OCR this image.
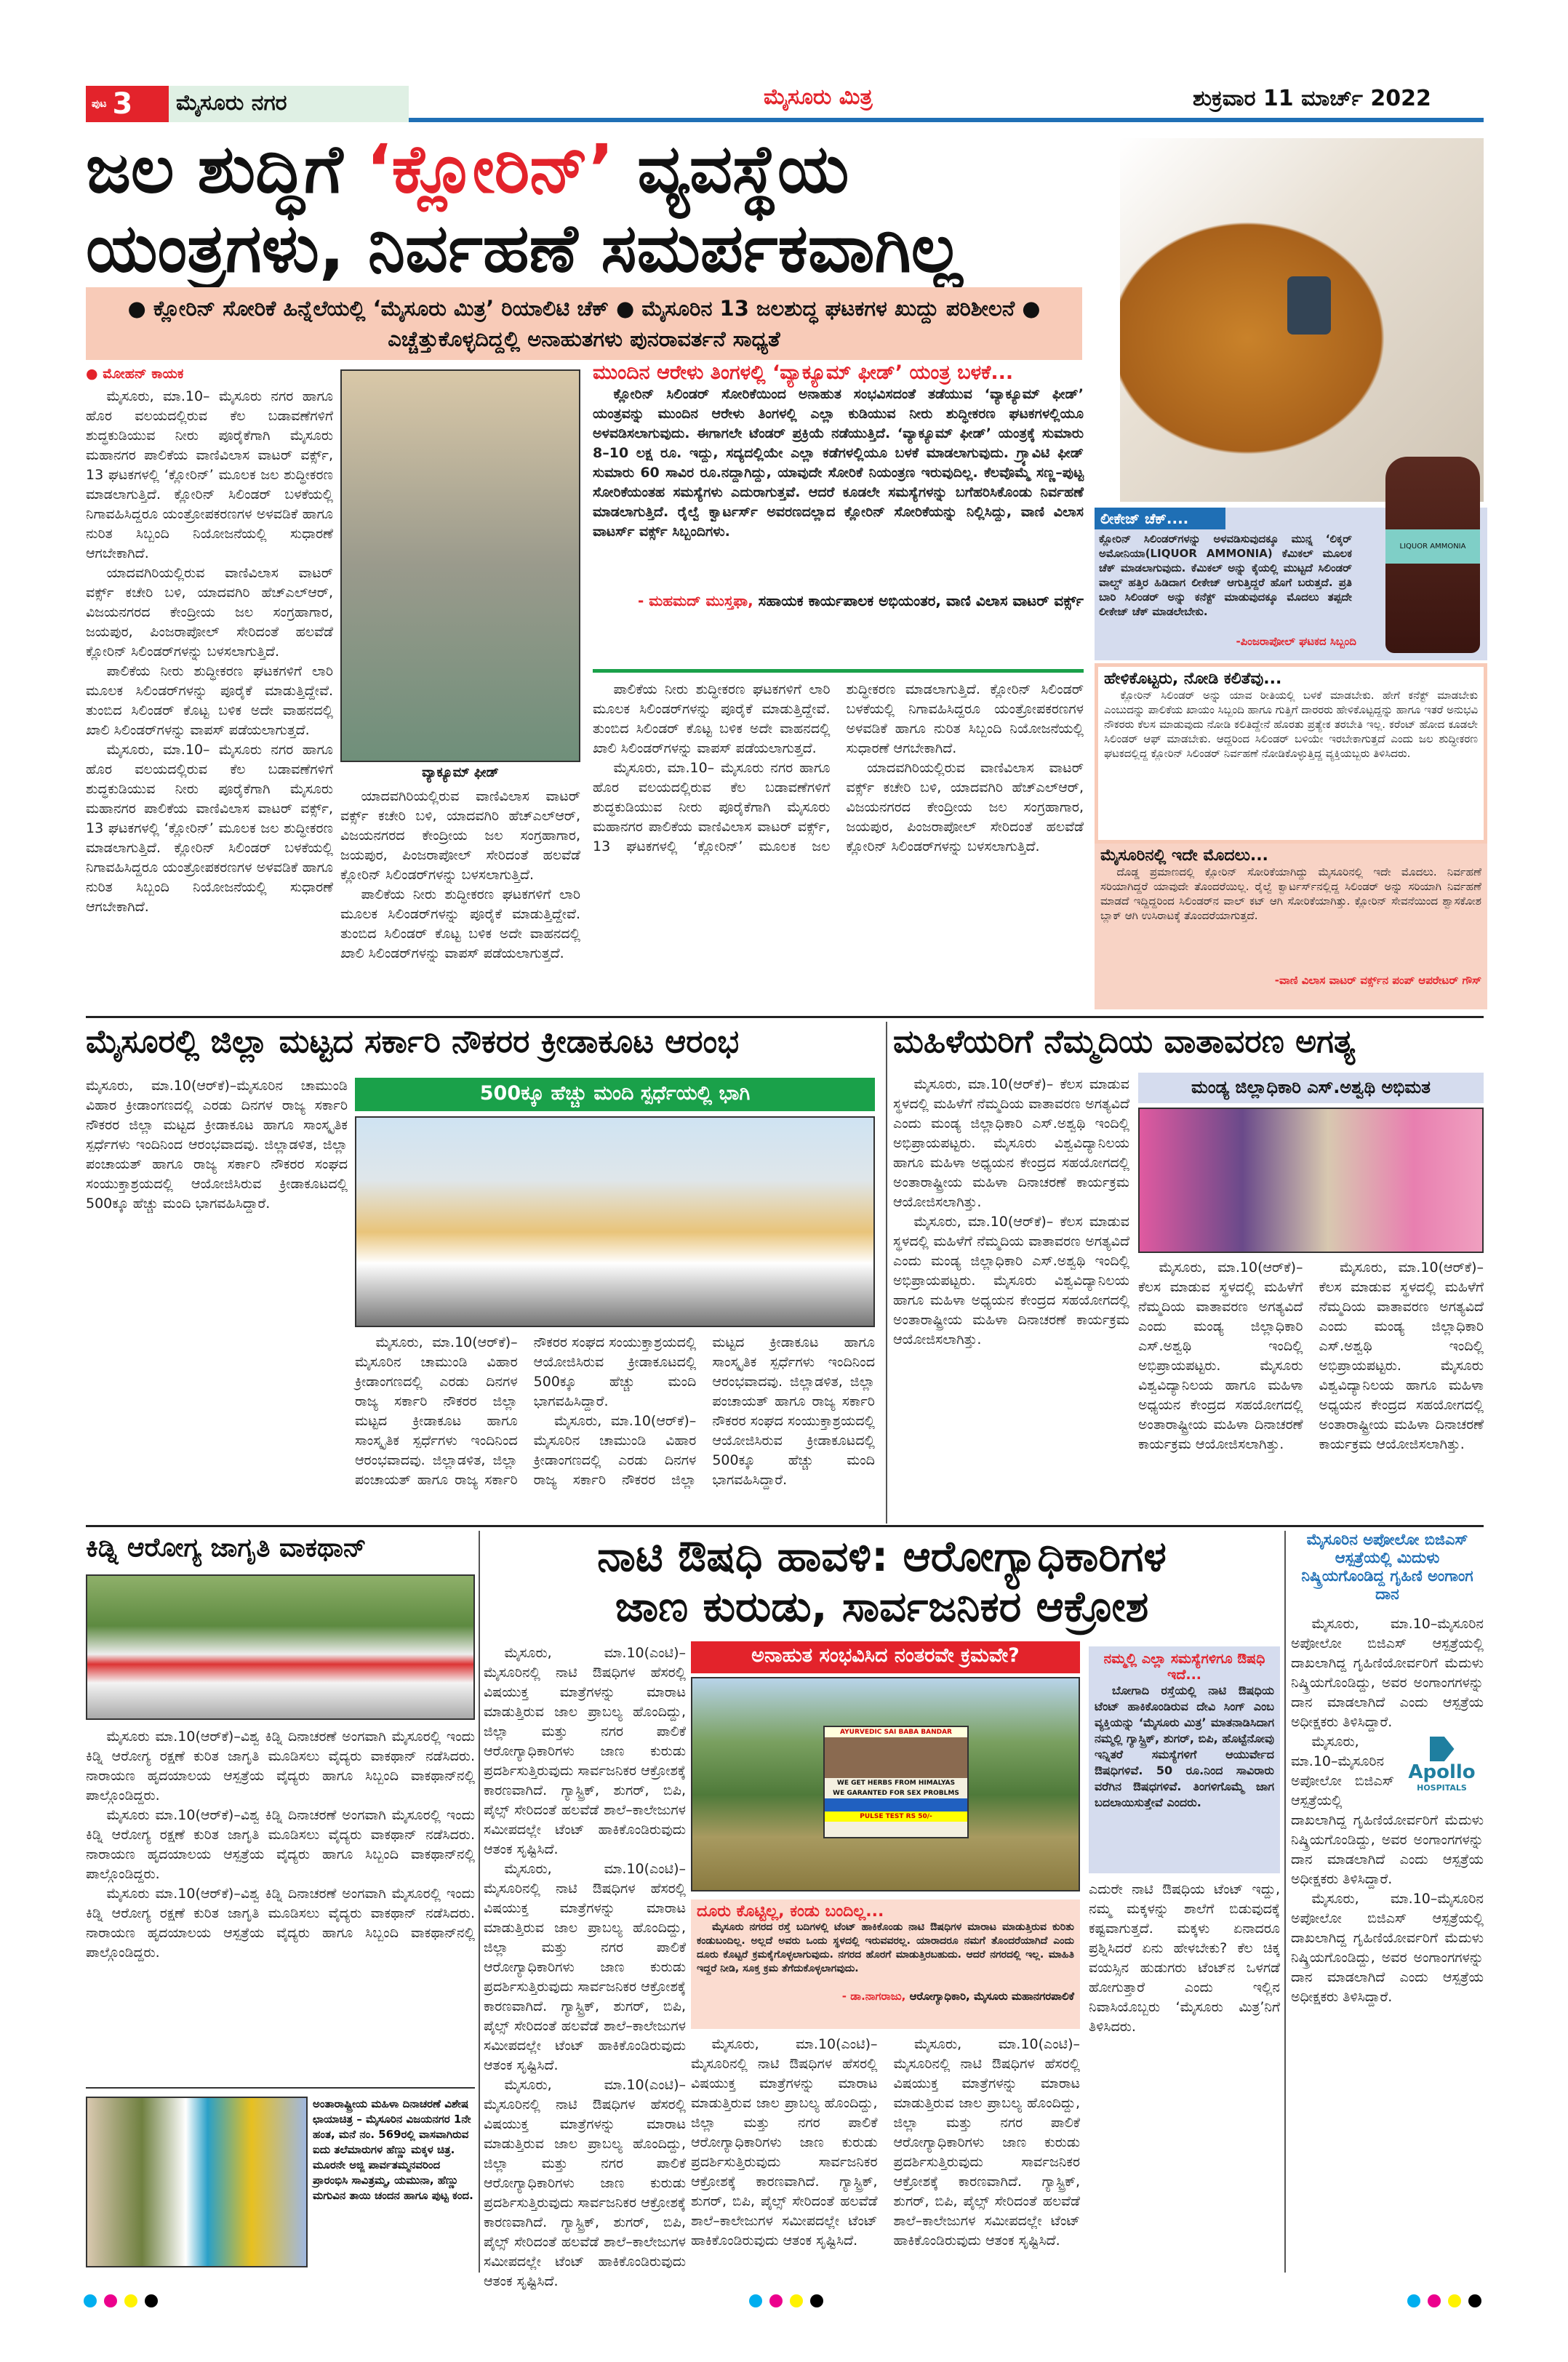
ಪುಟ 3	ಮೈಸೂರು ನಗರ	ಮೈಸೂರು ಮಿತ್ರ	ಶುಕ್ರವಾರ 11 ಮಾರ್ಚ್ 2022
ಜಲ ಶುದ್ಧಿಗೆ ‘ಕ್ಲೋರಿನ್’ ವ್ಯವಸ್ಥೆಯ
ಯಂತ್ರಗಳು, ನಿರ್ವಹಣೆ ಸಮರ್ಪಕವಾಗಿಲ್ಲ
● ಕ್ಲೋರಿನ್ ಸೋರಿಕೆ ಹಿನ್ನೆಲೆಯಲ್ಲಿ ‘ಮೈಸೂರು ಮಿತ್ರ’ ರಿಯಾಲಿಟಿ ಚೆಕ್ ● ಮೈಸೂರಿನ 13 ಜಲಶುದ್ಧ ಘಟಕಗಳ ಖುದ್ದು ಪರಿಶೀಲನೆ ● ಎಚ್ಚೆತ್ತುಕೊಳ್ಳದಿದ್ದಲ್ಲಿ ಅನಾಹುತಗಳು ಪುನರಾವರ್ತನೆ ಸಾಧ್ಯತೆ
● ಮೋಹನ್ ಕಾಯಕ

ಮೈಸೂರು, ಮಾ.10– ಮೈಸೂರು ನಗರ ಹಾಗೂ ಹೊರ ವಲಯದಲ್ಲಿರುವ ಕೆಲ ಬಡಾವಣೆಗಳಿಗೆ ಶುದ್ಧಕುಡಿಯುವ ನೀರು ಪೂರೈಕೆಗಾಗಿ ಮೈಸೂರು ಮಹಾನಗರ ಪಾಲಿಕೆಯ ವಾಣಿವಿಲಾಸ ವಾಟರ್ ವರ್ಕ್ಸ್, 13 ಘಟಕಗಳಲ್ಲಿ ‘ಕ್ಲೋರಿನ್’ ಮೂಲಕ ಜಲ ಶುದ್ಧೀಕರಣ ಮಾಡಲಾಗುತ್ತಿದೆ. ಕ್ಲೋರಿನ್ ಸಿಲಿಂಡರ್ ಬಳಕೆಯಲ್ಲಿ ನಿಗಾವಹಿಸಿದ್ದರೂ ಯಂತ್ರೋಪಕರಣಗಳ ಅಳವಡಿಕೆ ಹಾಗೂ ನುರಿತ ಸಿಬ್ಬಂದಿ ನಿಯೋಜನೆಯಲ್ಲಿ ಸುಧಾರಣೆ ಆಗಬೇಕಾಗಿದೆ.

ಯಾದವಗಿರಿಯಲ್ಲಿರುವ ವಾಣಿವಿಲಾಸ ವಾಟರ್ ವರ್ಕ್ಸ್ ಕಚೇರಿ ಬಳಿ, ಯಾದವಗಿರಿ ಹೆಚ್‌ಎಲ್‌ಆರ್, ವಿಜಯನಗರದ ಕೇಂದ್ರೀಯ ಜಲ ಸಂಗ್ರಹಾಗಾರ, ಜಯಪುರ, ಪಿಂಜರಾಪೋಲ್ ಸೇರಿದಂತೆ ಹಲವೆಡೆ ಕ್ಲೋರಿನ್ ಸಿಲಿಂಡರ್‌ಗಳನ್ನು ಬಳಸಲಾಗುತ್ತಿದೆ.

ಪಾಲಿಕೆಯ ನೀರು ಶುದ್ಧೀಕರಣ ಘಟಕಗಳಿಗೆ ಲಾರಿ ಮೂಲಕ ಸಿಲಿಂಡರ್‌ಗಳನ್ನು ಪೂರೈಕೆ ಮಾಡುತ್ತಿದ್ದೇವೆ. ತುಂಬಿದ ಸಿಲಿಂಡರ್ ಕೊಟ್ಟ ಬಳಿಕ ಅದೇ ವಾಹನದಲ್ಲಿ ಖಾಲಿ ಸಿಲಿಂಡರ್‌ಗಳನ್ನು ವಾಪಸ್ ಪಡೆಯಲಾಗುತ್ತದೆ.

ಮೈಸೂರು, ಮಾ.10– ಮೈಸೂರು ನಗರ ಹಾಗೂ ಹೊರ ವಲಯದಲ್ಲಿರುವ ಕೆಲ ಬಡಾವಣೆಗಳಿಗೆ ಶುದ್ಧಕುಡಿಯುವ ನೀರು ಪೂರೈಕೆಗಾಗಿ ಮೈಸೂರು ಮಹಾನಗರ ಪಾಲಿಕೆಯ ವಾಣಿವಿಲಾಸ ವಾಟರ್ ವರ್ಕ್ಸ್, 13 ಘಟಕಗಳಲ್ಲಿ ‘ಕ್ಲೋರಿನ್’ ಮೂಲಕ ಜಲ ಶುದ್ಧೀಕರಣ ಮಾಡಲಾಗುತ್ತಿದೆ. ಕ್ಲೋರಿನ್ ಸಿಲಿಂಡರ್ ಬಳಕೆಯಲ್ಲಿ ನಿಗಾವಹಿಸಿದ್ದರೂ ಯಂತ್ರೋಪಕರಣಗಳ ಅಳವಡಿಕೆ ಹಾಗೂ ನುರಿತ ಸಿಬ್ಬಂದಿ ನಿಯೋಜನೆಯಲ್ಲಿ ಸುಧಾರಣೆ ಆಗಬೇಕಾಗಿದೆ.

ವ್ಯಾಕ್ಯೂಮ್ ಫೀಡ್

ಯಾದವಗಿರಿಯಲ್ಲಿರುವ ವಾಣಿವಿಲಾಸ ವಾಟರ್ ವರ್ಕ್ಸ್ ಕಚೇರಿ ಬಳಿ, ಯಾದವಗಿರಿ ಹೆಚ್‌ಎಲ್‌ಆರ್, ವಿಜಯನಗರದ ಕೇಂದ್ರೀಯ ಜಲ ಸಂಗ್ರಹಾಗಾರ, ಜಯಪುರ, ಪಿಂಜರಾಪೋಲ್ ಸೇರಿದಂತೆ ಹಲವೆಡೆ ಕ್ಲೋರಿನ್ ಸಿಲಿಂಡರ್‌ಗಳನ್ನು ಬಳಸಲಾಗುತ್ತಿದೆ.

ಪಾಲಿಕೆಯ ನೀರು ಶುದ್ಧೀಕರಣ ಘಟಕಗಳಿಗೆ ಲಾರಿ ಮೂಲಕ ಸಿಲಿಂಡರ್‌ಗಳನ್ನು ಪೂರೈಕೆ ಮಾಡುತ್ತಿದ್ದೇವೆ. ತುಂಬಿದ ಸಿಲಿಂಡರ್ ಕೊಟ್ಟ ಬಳಿಕ ಅದೇ ವಾಹನದಲ್ಲಿ ಖಾಲಿ ಸಿಲಿಂಡರ್‌ಗಳನ್ನು ವಾಪಸ್ ಪಡೆಯಲಾಗುತ್ತದೆ.

ಮುಂದಿನ ಆರೇಳು ತಿಂಗಳಲ್ಲಿ ‘ವ್ಯಾಕ್ಯೂಮ್ ಫೀಡ್’ ಯಂತ್ರ ಬಳಕೆ...
ಕ್ಲೋರಿನ್ ಸಿಲಿಂಡರ್ ಸೋರಿಕೆಯಿಂದ ಅನಾಹುತ ಸಂಭವಿಸದಂತೆ ತಡೆಯುವ ‘ವ್ಯಾಕ್ಯೂಮ್ ಫೀಡ್’ ಯಂತ್ರವನ್ನು ಮುಂದಿನ ಆರೇಳು ತಿಂಗಳಲ್ಲಿ ಎಲ್ಲಾ ಕುಡಿಯುವ ನೀರು ಶುದ್ಧೀಕರಣ ಘಟಕಗಳಲ್ಲಿಯೂ ಅಳವಡಿಸಲಾಗುವುದು. ಈಗಾಗಲೇ ಟೆಂಡರ್ ಪ್ರಕ್ರಿಯೆ ನಡೆಯುತ್ತಿದೆ. ‘ವ್ಯಾಕ್ಯೂಮ್ ಫೀಡ್’ ಯಂತ್ರಕ್ಕೆ ಸುಮಾರು 8–10 ಲಕ್ಷ ರೂ. ಇದ್ದು, ಸದ್ಯದಲ್ಲಿಯೇ ಎಲ್ಲಾ ಕಡೆಗಳಲ್ಲಿಯೂ ಬಳಕೆ ಮಾಡಲಾಗುವುದು. ಗ್ರ್ಯಾವಿಟಿ ಫೀಡ್ ಸುಮಾರು 60 ಸಾವಿರ ರೂ.ನದ್ದಾಗಿದ್ದು, ಯಾವುದೇ ಸೋರಿಕೆ ನಿಯಂತ್ರಣ ಇರುವುದಿಲ್ಲ. ಕೆಲವೊಮ್ಮೆ ಸಣ್ಣ–ಪುಟ್ಟ ಸೋರಿಕೆಯಂತಹ ಸಮಸ್ಯೆಗಳು ಎದುರಾಗುತ್ತವೆ. ಆದರೆ ಕೂಡಲೇ ಸಮಸ್ಯೆಗಳನ್ನು ಬಗೆಹರಿಸಿಕೊಂಡು ನಿರ್ವಹಣೆ ಮಾಡಲಾಗುತ್ತಿದೆ. ರೈಲ್ವೆ ಕ್ವಾರ್ಟರ್ಸ್ ಅವರಣದಲ್ಲಾದ ಕ್ಲೋರಿನ್ ಸೋರಿಕೆಯನ್ನು ನಿಲ್ಲಿಸಿದ್ದು, ವಾಣಿ ವಿಲಾಸ ವಾಟರ್ಸ್ ವರ್ಕ್ಸ್ ಸಿಬ್ಬಂದಿಗಳು.
- ಮಹಮದ್ ಮುಸ್ತಫಾ, ಸಹಾಯಕ ಕಾರ್ಯಪಾಲಕ ಅಭಿಯಂತರ, ವಾಣಿ ವಿಲಾಸ ವಾಟರ್ ವರ್ಕ್ಸ್

ಪಾಲಿಕೆಯ ನೀರು ಶುದ್ಧೀಕರಣ ಘಟಕಗಳಿಗೆ ಲಾರಿ ಮೂಲಕ ಸಿಲಿಂಡರ್‌ಗಳನ್ನು ಪೂರೈಕೆ ಮಾಡುತ್ತಿದ್ದೇವೆ. ತುಂಬಿದ ಸಿಲಿಂಡರ್ ಕೊಟ್ಟ ಬಳಿಕ ಅದೇ ವಾಹನದಲ್ಲಿ ಖಾಲಿ ಸಿಲಿಂಡರ್‌ಗಳನ್ನು ವಾಪಸ್ ಪಡೆಯಲಾಗುತ್ತದೆ.

ಮೈಸೂರು, ಮಾ.10– ಮೈಸೂರು ನಗರ ಹಾಗೂ ಹೊರ ವಲಯದಲ್ಲಿರುವ ಕೆಲ ಬಡಾವಣೆಗಳಿಗೆ ಶುದ್ಧಕುಡಿಯುವ ನೀರು ಪೂರೈಕೆಗಾಗಿ ಮೈಸೂರು ಮಹಾನಗರ ಪಾಲಿಕೆಯ ವಾಣಿವಿಲಾಸ ವಾಟರ್ ವರ್ಕ್ಸ್, 13 ಘಟಕಗಳಲ್ಲಿ ‘ಕ್ಲೋರಿನ್’ ಮೂಲಕ ಜಲ ಶುದ್ಧೀಕರಣ ಮಾಡಲಾಗುತ್ತಿದೆ. ಕ್ಲೋರಿನ್ ಸಿಲಿಂಡರ್ ಬಳಕೆಯಲ್ಲಿ ನಿಗಾವಹಿಸಿದ್ದರೂ ಯಂತ್ರೋಪಕರಣಗಳ ಅಳವಡಿಕೆ ಹಾಗೂ ನುರಿತ ಸಿಬ್ಬಂದಿ ನಿಯೋಜನೆಯಲ್ಲಿ ಸುಧಾರಣೆ ಆಗಬೇಕಾಗಿದೆ.

ಯಾದವಗಿರಿಯಲ್ಲಿರುವ ವಾಣಿವಿಲಾಸ ವಾಟರ್ ವರ್ಕ್ಸ್ ಕಚೇರಿ ಬಳಿ, ಯಾದವಗಿರಿ ಹೆಚ್‌ಎಲ್‌ಆರ್, ವಿಜಯನಗರದ ಕೇಂದ್ರೀಯ ಜಲ ಸಂಗ್ರಹಾಗಾರ, ಜಯಪುರ, ಪಿಂಜರಾಪೋಲ್ ಸೇರಿದಂತೆ ಹಲವೆಡೆ ಕ್ಲೋರಿನ್ ಸಿಲಿಂಡರ್‌ಗಳನ್ನು ಬಳಸಲಾಗುತ್ತಿದೆ.

ಲೀಕೇಜ್ ಚೆಕ್....
ಕ್ಲೋರಿನ್ ಸಿಲಿಂಡರ್‌ಗಳನ್ನು ಅಳವಡಿಸುವುದಕ್ಕೂ ಮುನ್ನ ‘ಲಿಕ್ಕರ್ ಅಮೋನಿಯಾ(LIQUOR AMMONIA) ಕೆಮಿಕಲ್ ಮೂಲಕ ಚೆಕ್ ಮಾಡಲಾಗುವುದು. ಕೆಮಿಕಲ್ ಅನ್ನು ಕೈಯಲ್ಲಿ ಮುಟ್ಟದೆ ಸಿಲಿಂಡರ್ ವಾಲ್ವ್ ಹತ್ತಿರ ಹಿಡಿದಾಗ ಲೀಕೇಜ್ ಆಗುತ್ತಿದ್ದರೆ ಹೊಗೆ ಬರುತ್ತದೆ. ಪ್ರತಿ ಬಾರಿ ಸಿಲಿಂಡರ್ ಅನ್ನು ಕನೆಕ್ಟ್ ಮಾಡುವುದಕ್ಕೂ ಮೊದಲು ತಪ್ಪದೇ ಲೀಕೇಜ್ ಚೆಕ್ ಮಾಡಲೇಬೇಕು.
-ಪಿಂಜರಾಪೋಲ್ ಘಟಕದ ಸಿಬ್ಬಂದಿ
LIQUOR AMMONIA
ಹೇಳಿಕೊಟ್ಟರು, ನೋಡಿ ಕಲಿತೆವು...
ಕ್ಲೋರಿನ್ ಸಿಲಿಂಡರ್ ಅನ್ನು ಯಾವ ರೀತಿಯಲ್ಲಿ ಬಳಕೆ ಮಾಡಬೇಕು. ಹೇಗೆ ಕನೆಕ್ಟ್ ಮಾಡಬೇಕು ಎಂಬುದನ್ನು ಪಾಲಿಕೆಯ ಖಾಯಂ ಸಿಬ್ಬಂದಿ ಹಾಗೂ ಗುತ್ತಿಗೆ ದಾರರರು ಹೇಳಿಕೊಟ್ಟದ್ದನ್ನು ಹಾಗೂ ಇತರೆ ಅನುಭವಿ ನೌಕರರು ಕೆಲಸ ಮಾಡುವುದು ನೋಡಿ ಕಲಿತಿದ್ದೇನೆ ಹೊರತು ಪ್ರತ್ಯೇಕ ತರಬೇತಿ ಇಲ್ಲ. ಕರೆಂಟ್ ಹೋದ ಕೂಡಲೇ ಸಿಲಿಂಡರ್ ಆಫ್ ಮಾಡಬೇಕು. ಆದ್ದರಿಂದ ಸಿಲಿಂಡರ್ ಬಳಿಯೇ ಇರಬೇಕಾಗುತ್ತದೆ ಎಂದು ಜಲ ಶುದ್ಧೀಕರಣ ಘಟಕದಲ್ಲಿದ್ದ ಕ್ಲೋರಿನ್ ಸಿಲಿಂಡರ್ ನಿರ್ವಹಣೆ ನೋಡಿಕೊಳ್ಳುತ್ತಿದ್ದ ವ್ಯಕ್ತಿಯಬ್ಬರು ತಿಳಿಸಿದರು.
ಮೈಸೂರಿನಲ್ಲಿ ಇದೇ ಮೊದಲು...
ದೊಡ್ಡ ಪ್ರಮಾಣದಲ್ಲಿ ಕ್ಲೋರಿನ್ ಸೋರಿಕೆಯಾಗಿದ್ದು ಮೈಸೂರಿನಲ್ಲಿ ಇದೇ ಮೊದಲು. ನಿರ್ವಹಣೆ ಸರಿಯಾಗಿದ್ದರೆ ಯಾವುದೇ ತೊಂದರೆಯಿಲ್ಲ. ರೈಲ್ವೆ ಕ್ವಾರ್ಟರ್ಸ್‌ನಲ್ಲಿದ್ದ ಸಿಲಿಂಡರ್ ಅನ್ನು ಸರಿಯಾಗಿ ನಿರ್ವಹಣೆ ಮಾಡದೆ ಇದ್ದಿದ್ದರಿಂದ ಸಿಲಿಂಡರ್‌ನ ವಾಲ್ ಕಟ್ ಆಗಿ ಸೋರಿಕೆಯಾಗಿತ್ತು. ಕ್ಲೋರಿನ್ ಸೇವನೆಯಿಂದ ಶ್ವಾಸಕೋಶ ಬ್ಲಾಕ್ ಆಗಿ ಉಸಿರಾಟಕ್ಕೆ ತೊಂದರೆಯಾಗುತ್ತದೆ.
-ವಾಣಿ ವಿಲಾಸ ವಾಟರ್ ವರ್ಕ್ಸ್‌ನ ಪಂಪ್ ಆಪರೇಟರ್ ಗೌಸ್
ಮೈಸೂರಲ್ಲಿ ಜಿಲ್ಲಾ ಮಟ್ಟದ ಸರ್ಕಾರಿ ನೌಕರರ ಕ್ರೀಡಾಕೂಟ ಆರಂಭ
ಮೈಸೂರು, ಮಾ.10(ಆರ್‌ಕೆ)–ಮೈಸೂರಿನ ಚಾಮುಂಡಿ ವಿಹಾರ ಕ್ರೀಡಾಂಗಣದಲ್ಲಿ ಎರಡು ದಿನಗಳ ರಾಜ್ಯ ಸರ್ಕಾರಿ ನೌಕರರ ಜಿಲ್ಲಾ ಮಟ್ಟದ ಕ್ರೀಡಾಕೂಟ ಹಾಗೂ ಸಾಂಸ್ಕೃತಿಕ ಸ್ಪರ್ಧೆಗಳು ಇಂದಿನಿಂದ ಆರಂಭವಾದವು. ಜಿಲ್ಲಾಡಳಿತ, ಜಿಲ್ಲಾ ಪಂಚಾಯತ್ ಹಾಗೂ ರಾಜ್ಯ ಸರ್ಕಾರಿ ನೌಕರರ ಸಂಘದ ಸಂಯುಕ್ತಾಶ್ರಯದಲ್ಲಿ ಆಯೋಜಿಸಿರುವ ಕ್ರೀಡಾಕೂಟದಲ್ಲಿ 500ಕ್ಕೂ ಹೆಚ್ಚು ಮಂದಿ ಭಾಗವಹಿಸಿದ್ದಾರೆ.
500ಕ್ಕೂ ಹೆಚ್ಚು ಮಂದಿ ಸ್ಪರ್ಧೆಯಲ್ಲಿ ಭಾಗಿ

ಮೈಸೂರು, ಮಾ.10(ಆರ್‌ಕೆ)–ಮೈಸೂರಿನ ಚಾಮುಂಡಿ ವಿಹಾರ ಕ್ರೀಡಾಂಗಣದಲ್ಲಿ ಎರಡು ದಿನಗಳ ರಾಜ್ಯ ಸರ್ಕಾರಿ ನೌಕರರ ಜಿಲ್ಲಾ ಮಟ್ಟದ ಕ್ರೀಡಾಕೂಟ ಹಾಗೂ ಸಾಂಸ್ಕೃತಿಕ ಸ್ಪರ್ಧೆಗಳು ಇಂದಿನಿಂದ ಆರಂಭವಾದವು. ಜಿಲ್ಲಾಡಳಿತ, ಜಿಲ್ಲಾ ಪಂಚಾಯತ್ ಹಾಗೂ ರಾಜ್ಯ ಸರ್ಕಾರಿ ನೌಕರರ ಸಂಘದ ಸಂಯುಕ್ತಾಶ್ರಯದಲ್ಲಿ ಆಯೋಜಿಸಿರುವ ಕ್ರೀಡಾಕೂಟದಲ್ಲಿ 500ಕ್ಕೂ ಹೆಚ್ಚು ಮಂದಿ ಭಾಗವಹಿಸಿದ್ದಾರೆ.

ಮೈಸೂರು, ಮಾ.10(ಆರ್‌ಕೆ)–ಮೈಸೂರಿನ ಚಾಮುಂಡಿ ವಿಹಾರ ಕ್ರೀಡಾಂಗಣದಲ್ಲಿ ಎರಡು ದಿನಗಳ ರಾಜ್ಯ ಸರ್ಕಾರಿ ನೌಕರರ ಜಿಲ್ಲಾ ಮಟ್ಟದ ಕ್ರೀಡಾಕೂಟ ಹಾಗೂ ಸಾಂಸ್ಕೃತಿಕ ಸ್ಪರ್ಧೆಗಳು ಇಂದಿನಿಂದ ಆರಂಭವಾದವು. ಜಿಲ್ಲಾಡಳಿತ, ಜಿಲ್ಲಾ ಪಂಚಾಯತ್ ಹಾಗೂ ರಾಜ್ಯ ಸರ್ಕಾರಿ ನೌಕರರ ಸಂಘದ ಸಂಯುಕ್ತಾಶ್ರಯದಲ್ಲಿ ಆಯೋಜಿಸಿರುವ ಕ್ರೀಡಾಕೂಟದಲ್ಲಿ 500ಕ್ಕೂ ಹೆಚ್ಚು ಮಂದಿ ಭಾಗವಹಿಸಿದ್ದಾರೆ.

ಮಹಿಳೆಯರಿಗೆ ನೆಮ್ಮದಿಯ ವಾತಾವರಣ ಅಗತ್ಯ

ಮೈಸೂರು, ಮಾ.10(ಆರ್‌ಕೆ)– ಕೆಲಸ ಮಾಡುವ ಸ್ಥಳದಲ್ಲಿ ಮಹಿಳೆಗೆ ನೆಮ್ಮದಿಯ ವಾತಾವರಣ ಅಗತ್ಯವಿದೆ ಎಂದು ಮಂಡ್ಯ ಜಿಲ್ಲಾಧಿಕಾರಿ ಎಸ್.ಅಶ್ವಥಿ ಇಂದಿಲ್ಲಿ ಅಭಿಪ್ರಾಯಪಟ್ಟರು. ಮೈಸೂರು ವಿಶ್ವವಿದ್ಯಾನಿಲಯ ಹಾಗೂ ಮಹಿಳಾ ಅಧ್ಯಯನ ಕೇಂದ್ರದ ಸಹಯೋಗದಲ್ಲಿ ಅಂತಾರಾಷ್ಟ್ರೀಯ ಮಹಿಳಾ ದಿನಾಚರಣೆ ಕಾರ್ಯಕ್ರಮ ಆಯೋಜಿಸಲಾಗಿತ್ತು.

ಮೈಸೂರು, ಮಾ.10(ಆರ್‌ಕೆ)– ಕೆಲಸ ಮಾಡುವ ಸ್ಥಳದಲ್ಲಿ ಮಹಿಳೆಗೆ ನೆಮ್ಮದಿಯ ವಾತಾವರಣ ಅಗತ್ಯವಿದೆ ಎಂದು ಮಂಡ್ಯ ಜಿಲ್ಲಾಧಿಕಾರಿ ಎಸ್.ಅಶ್ವಥಿ ಇಂದಿಲ್ಲಿ ಅಭಿಪ್ರಾಯಪಟ್ಟರು. ಮೈಸೂರು ವಿಶ್ವವಿದ್ಯಾನಿಲಯ ಹಾಗೂ ಮಹಿಳಾ ಅಧ್ಯಯನ ಕೇಂದ್ರದ ಸಹಯೋಗದಲ್ಲಿ ಅಂತಾರಾಷ್ಟ್ರೀಯ ಮಹಿಳಾ ದಿನಾಚರಣೆ ಕಾರ್ಯಕ್ರಮ ಆಯೋಜಿಸಲಾಗಿತ್ತು.

ಮಂಡ್ಯ ಜಿಲ್ಲಾಧಿಕಾರಿ ಎಸ್.ಅಶ್ವಥಿ ಅಭಿಮತ

ಮೈಸೂರು, ಮಾ.10(ಆರ್‌ಕೆ)– ಕೆಲಸ ಮಾಡುವ ಸ್ಥಳದಲ್ಲಿ ಮಹಿಳೆಗೆ ನೆಮ್ಮದಿಯ ವಾತಾವರಣ ಅಗತ್ಯವಿದೆ ಎಂದು ಮಂಡ್ಯ ಜಿಲ್ಲಾಧಿಕಾರಿ ಎಸ್.ಅಶ್ವಥಿ ಇಂದಿಲ್ಲಿ ಅಭಿಪ್ರಾಯಪಟ್ಟರು. ಮೈಸೂರು ವಿಶ್ವವಿದ್ಯಾನಿಲಯ ಹಾಗೂ ಮಹಿಳಾ ಅಧ್ಯಯನ ಕೇಂದ್ರದ ಸಹಯೋಗದಲ್ಲಿ ಅಂತಾರಾಷ್ಟ್ರೀಯ ಮಹಿಳಾ ದಿನಾಚರಣೆ ಕಾರ್ಯಕ್ರಮ ಆಯೋಜಿಸಲಾಗಿತ್ತು.

ಮೈಸೂರು, ಮಾ.10(ಆರ್‌ಕೆ)– ಕೆಲಸ ಮಾಡುವ ಸ್ಥಳದಲ್ಲಿ ಮಹಿಳೆಗೆ ನೆಮ್ಮದಿಯ ವಾತಾವರಣ ಅಗತ್ಯವಿದೆ ಎಂದು ಮಂಡ್ಯ ಜಿಲ್ಲಾಧಿಕಾರಿ ಎಸ್.ಅಶ್ವಥಿ ಇಂದಿಲ್ಲಿ ಅಭಿಪ್ರಾಯಪಟ್ಟರು. ಮೈಸೂರು ವಿಶ್ವವಿದ್ಯಾನಿಲಯ ಹಾಗೂ ಮಹಿಳಾ ಅಧ್ಯಯನ ಕೇಂದ್ರದ ಸಹಯೋಗದಲ್ಲಿ ಅಂತಾರಾಷ್ಟ್ರೀಯ ಮಹಿಳಾ ದಿನಾಚರಣೆ ಕಾರ್ಯಕ್ರಮ ಆಯೋಜಿಸಲಾಗಿತ್ತು.

ಕಿಡ್ನಿ ಆರೋಗ್ಯ ಜಾಗೃತಿ ವಾಕಥಾನ್

ಮೈಸೂರು ಮಾ.10(ಆರ್‌ಕೆ)–ವಿಶ್ವ ಕಿಡ್ನಿ ದಿನಾಚರಣೆ ಅಂಗವಾಗಿ ಮೈಸೂರಲ್ಲಿ ಇಂದು ಕಿಡ್ನಿ ಆರೋಗ್ಯ ರಕ್ಷಣೆ ಕುರಿತ ಜಾಗೃತಿ ಮೂಡಿಸಲು ವೈದ್ಯರು ವಾಕಥಾನ್ ನಡೆಸಿದರು. ನಾರಾಯಣ ಹೃದಯಾಲಯ ಆಸ್ಪತ್ರೆಯ ವೈದ್ಯರು ಹಾಗೂ ಸಿಬ್ಬಂದಿ ವಾಕಥಾನ್‌ನಲ್ಲಿ ಪಾಲ್ಗೊಂಡಿದ್ದರು.

ಮೈಸೂರು ಮಾ.10(ಆರ್‌ಕೆ)–ವಿಶ್ವ ಕಿಡ್ನಿ ದಿನಾಚರಣೆ ಅಂಗವಾಗಿ ಮೈಸೂರಲ್ಲಿ ಇಂದು ಕಿಡ್ನಿ ಆರೋಗ್ಯ ರಕ್ಷಣೆ ಕುರಿತ ಜಾಗೃತಿ ಮೂಡಿಸಲು ವೈದ್ಯರು ವಾಕಥಾನ್ ನಡೆಸಿದರು. ನಾರಾಯಣ ಹೃದಯಾಲಯ ಆಸ್ಪತ್ರೆಯ ವೈದ್ಯರು ಹಾಗೂ ಸಿಬ್ಬಂದಿ ವಾಕಥಾನ್‌ನಲ್ಲಿ ಪಾಲ್ಗೊಂಡಿದ್ದರು.

ಮೈಸೂರು ಮಾ.10(ಆರ್‌ಕೆ)–ವಿಶ್ವ ಕಿಡ್ನಿ ದಿನಾಚರಣೆ ಅಂಗವಾಗಿ ಮೈಸೂರಲ್ಲಿ ಇಂದು ಕಿಡ್ನಿ ಆರೋಗ್ಯ ರಕ್ಷಣೆ ಕುರಿತ ಜಾಗೃತಿ ಮೂಡಿಸಲು ವೈದ್ಯರು ವಾಕಥಾನ್ ನಡೆಸಿದರು. ನಾರಾಯಣ ಹೃದಯಾಲಯ ಆಸ್ಪತ್ರೆಯ ವೈದ್ಯರು ಹಾಗೂ ಸಿಬ್ಬಂದಿ ವಾಕಥಾನ್‌ನಲ್ಲಿ ಪಾಲ್ಗೊಂಡಿದ್ದರು.

ಅಂತಾರಾಷ್ಟ್ರೀಯ ಮಹಿಳಾ ದಿನಾಚರಣೆ ವಿಶೇಷ ಛಾಯಾಚಿತ್ರ – ಮೈಸೂರಿನ ವಿಜಯನಗರ 1ನೇ ಹಂತ, ಮನೆ ನಂ. 569ರಲ್ಲಿ ವಾಸವಾಗಿರುವ ಐದು ತಲೆಮಾರುಗಳ ಹೆಣ್ಣು ಮಕ್ಕಳ ಚಿತ್ರ. ಮೂರನೇ ಅಜ್ಜಿ ಪಾರ್ವತಮ್ಮನವರಿಂದ ಪ್ರಾರಂಭಿಸಿ ಸಾವಿತ್ರಮ್ಮ, ಯಮುನಾ, ಹೆಣ್ಣು ಮಗುವಿನ ತಾಯಿ ಚಂದನ ಹಾಗೂ ಪುಟ್ಟ ಕಂದ.
ನಾಟಿ ಔಷಧಿ ಹಾವಳಿ: ಆರೋಗ್ಯಾಧಿಕಾರಿಗಳ
ಜಾಣ ಕುರುಡು, ಸಾರ್ವಜನಿಕರ ಆಕ್ರೋಶ

ಮೈಸೂರು, ಮಾ.10(ಎಂಟಿ)– ಮೈಸೂರಿನಲ್ಲಿ ನಾಟಿ ಔಷಧಿಗಳ ಹೆಸರಲ್ಲಿ ವಿಷಯುಕ್ತ ಮಾತ್ರೆಗಳನ್ನು ಮಾರಾಟ ಮಾಡುತ್ತಿರುವ ಜಾಲ ಪ್ರಾಬಲ್ಯ ಹೊಂದಿದ್ದು, ಜಿಲ್ಲಾ ಮತ್ತು ನಗರ ಪಾಲಿಕೆ ಆರೋಗ್ಯಾಧಿಕಾರಿಗಳು ಜಾಣ ಕುರುಡು ಪ್ರದರ್ಶಿಸುತ್ತಿರುವುದು ಸಾರ್ವಜನಿಕರ ಆಕ್ರೋಶಕ್ಕೆ ಕಾರಣವಾಗಿದೆ. ಗ್ಯಾಸ್ಟ್ರಿಕ್, ಶುಗರ್, ಬಿಪಿ, ಪೈಲ್ಸ್ ಸೇರಿದಂತೆ ಹಲವೆಡೆ ಶಾಲೆ–ಕಾಲೇಜುಗಳ ಸಮೀಪದಲ್ಲೇ ಟೆಂಟ್ ಹಾಕಿಕೊಂಡಿರುವುದು ಆತಂಕ ಸೃಷ್ಟಿಸಿದೆ.

ಮೈಸೂರು, ಮಾ.10(ಎಂಟಿ)– ಮೈಸೂರಿನಲ್ಲಿ ನಾಟಿ ಔಷಧಿಗಳ ಹೆಸರಲ್ಲಿ ವಿಷಯುಕ್ತ ಮಾತ್ರೆಗಳನ್ನು ಮಾರಾಟ ಮಾಡುತ್ತಿರುವ ಜಾಲ ಪ್ರಾಬಲ್ಯ ಹೊಂದಿದ್ದು, ಜಿಲ್ಲಾ ಮತ್ತು ನಗರ ಪಾಲಿಕೆ ಆರೋಗ್ಯಾಧಿಕಾರಿಗಳು ಜಾಣ ಕುರುಡು ಪ್ರದರ್ಶಿಸುತ್ತಿರುವುದು ಸಾರ್ವಜನಿಕರ ಆಕ್ರೋಶಕ್ಕೆ ಕಾರಣವಾಗಿದೆ. ಗ್ಯಾಸ್ಟ್ರಿಕ್, ಶುಗರ್, ಬಿಪಿ, ಪೈಲ್ಸ್ ಸೇರಿದಂತೆ ಹಲವೆಡೆ ಶಾಲೆ–ಕಾಲೇಜುಗಳ ಸಮೀಪದಲ್ಲೇ ಟೆಂಟ್ ಹಾಕಿಕೊಂಡಿರುವುದು ಆತಂಕ ಸೃಷ್ಟಿಸಿದೆ.

ಮೈಸೂರು, ಮಾ.10(ಎಂಟಿ)– ಮೈಸೂರಿನಲ್ಲಿ ನಾಟಿ ಔಷಧಿಗಳ ಹೆಸರಲ್ಲಿ ವಿಷಯುಕ್ತ ಮಾತ್ರೆಗಳನ್ನು ಮಾರಾಟ ಮಾಡುತ್ತಿರುವ ಜಾಲ ಪ್ರಾಬಲ್ಯ ಹೊಂದಿದ್ದು, ಜಿಲ್ಲಾ ಮತ್ತು ನಗರ ಪಾಲಿಕೆ ಆರೋಗ್ಯಾಧಿಕಾರಿಗಳು ಜಾಣ ಕುರುಡು ಪ್ರದರ್ಶಿಸುತ್ತಿರುವುದು ಸಾರ್ವಜನಿಕರ ಆಕ್ರೋಶಕ್ಕೆ ಕಾರಣವಾಗಿದೆ. ಗ್ಯಾಸ್ಟ್ರಿಕ್, ಶುಗರ್, ಬಿಪಿ, ಪೈಲ್ಸ್ ಸೇರಿದಂತೆ ಹಲವೆಡೆ ಶಾಲೆ–ಕಾಲೇಜುಗಳ ಸಮೀಪದಲ್ಲೇ ಟೆಂಟ್ ಹಾಕಿಕೊಂಡಿರುವುದು ಆತಂಕ ಸೃಷ್ಟಿಸಿದೆ.

ಅನಾಹುತ ಸಂಭವಿಸಿದ ನಂತರವೇ ಕ್ರಮವೇ?
AYURVEDIC SAI BABA BANDAR
WE GET HERBS FROM HIMALYAS
WE GARANTED FOR SEX PROBLMS
PULSE TEST RS 50/-
ನಮ್ಮಲ್ಲಿ ಎಲ್ಲಾ ಸಮಸ್ಯೆಗಳಿಗೂ ಔಷಧಿ ಇದೆ...
ಬೋಗಾದಿ ರಸ್ತೆಯಲ್ಲಿ ನಾಟಿ ಔಷಧಿಯ ಟೆಂಟ್ ಹಾಕಿಕೊಂಡಿರುವ ದೇವಿ ಸಿಂಗ್ ಎಂಬ ವ್ಯಕ್ತಿಯನ್ನು ‘ಮೈಸೂರು ಮಿತ್ರ’ ಮಾತನಾಡಿಸಿದಾಗ ನಮ್ಮಲ್ಲಿ ಗ್ಯಾಸ್ಟ್ರಿಕ್, ಶುಗರ್, ಬಿಪಿ, ಹೊಟ್ಟೆನೋವು ಇನ್ನಿತರೆ ಸಮಸ್ಯೆಗಳಿಗೆ ಆಯುರ್ವೇದ ಔಷಧಿಗಳಿವೆ. 50 ರೂ.ನಿಂದ ಸಾವಿರಾರು ವರೆಗಿನ ಔಷಧಗಳಿವೆ. ತಿಂಗಳಿಗೊಮ್ಮೆ ಜಾಗ ಬದಲಾಯಿಸುತ್ತೇವೆ ಎಂದರು.
ಎದುರೇ ನಾಟಿ ಔಷಧಿಯ ಟೆಂಟ್ ಇದ್ದು, ನಮ್ಮ ಮಕ್ಕಳನ್ನು ಶಾಲೆಗೆ ಬಿಡುವುದಕ್ಕೆ ಕಷ್ಟವಾಗುತ್ತದೆ. ಮಕ್ಕಳು ಏನಾದರೂ ಪ್ರಶ್ನಿಸಿದರೆ ಏನು ಹೇಳಬೇಕು? ಕೆಲ ಚಿಕ್ಕ ವಯಸ್ಸಿನ ಹುಡುಗರು ಟೆಂಟ್‌ನ ಒಳಗಡೆ ಹೋಗುತ್ತಾರೆ ಎಂದು ಇಲ್ಲಿನ ನಿವಾಸಿಯೊಬ್ಬರು ‘ಮೈಸೂರು ಮಿತ್ರ’ನಿಗೆ ತಿಳಿಸಿದರು.
ದೂರು ಕೊಟ್ಟಿಲ್ಲ, ಕಂಡು ಬಂದಿಲ್ಲ...
ಮೈಸೂರು ನಗರದ ರಸ್ತೆ ಬದಿಗಳಲ್ಲಿ ಟೆಂಟ್ ಹಾಕಿಕೊಂಡು ನಾಟಿ ಔಷಧಿಗಳ ಮಾರಾಟ ಮಾಡುತ್ತಿರುವ ಕುರಿತು ಕಂಡುಬಂದಿಲ್ಲ. ಅಲ್ಲದೆ ಅವರು ಒಂದು ಸ್ಥಳದಲ್ಲಿ ಇರುವವರಲ್ಲ. ಯಾರಾದರೂ ನಮಗೆ ತೊಂದರೆಯಾಗಿದೆ ಎಂದು ದೂರು ಕೊಟ್ಟರೆ ಕ್ರಮಕೈಗೊಳ್ಳಲಾಗುವುದು. ನಗರದ ಹೊರಗೆ ಮಾಡುತ್ತಿರಬಹುದು. ಆದರೆ ನಗರದಲ್ಲಿ ಇಲ್ಲ. ಮಾಹಿತಿ ಇದ್ದರೆ ನೀಡಿ, ಸೂಕ್ತ ಕ್ರಮ ತೆಗೆದುಕೊಳ್ಳಲಾಗವುದು.
- ಡಾ.ನಾಗರಾಜು, ಆರೋಗ್ಯಾಧಿಕಾರಿ, ಮೈಸೂರು ಮಹಾನಗರಪಾಲಿಕೆ

ಮೈಸೂರು, ಮಾ.10(ಎಂಟಿ)– ಮೈಸೂರಿನಲ್ಲಿ ನಾಟಿ ಔಷಧಿಗಳ ಹೆಸರಲ್ಲಿ ವಿಷಯುಕ್ತ ಮಾತ್ರೆಗಳನ್ನು ಮಾರಾಟ ಮಾಡುತ್ತಿರುವ ಜಾಲ ಪ್ರಾಬಲ್ಯ ಹೊಂದಿದ್ದು, ಜಿಲ್ಲಾ ಮತ್ತು ನಗರ ಪಾಲಿಕೆ ಆರೋಗ್ಯಾಧಿಕಾರಿಗಳು ಜಾಣ ಕುರುಡು ಪ್ರದರ್ಶಿಸುತ್ತಿರುವುದು ಸಾರ್ವಜನಿಕರ ಆಕ್ರೋಶಕ್ಕೆ ಕಾರಣವಾಗಿದೆ. ಗ್ಯಾಸ್ಟ್ರಿಕ್, ಶುಗರ್, ಬಿಪಿ, ಪೈಲ್ಸ್ ಸೇರಿದಂತೆ ಹಲವೆಡೆ ಶಾಲೆ–ಕಾಲೇಜುಗಳ ಸಮೀಪದಲ್ಲೇ ಟೆಂಟ್ ಹಾಕಿಕೊಂಡಿರುವುದು ಆತಂಕ ಸೃಷ್ಟಿಸಿದೆ.

ಮೈಸೂರು, ಮಾ.10(ಎಂಟಿ)– ಮೈಸೂರಿನಲ್ಲಿ ನಾಟಿ ಔಷಧಿಗಳ ಹೆಸರಲ್ಲಿ ವಿಷಯುಕ್ತ ಮಾತ್ರೆಗಳನ್ನು ಮಾರಾಟ ಮಾಡುತ್ತಿರುವ ಜಾಲ ಪ್ರಾಬಲ್ಯ ಹೊಂದಿದ್ದು, ಜಿಲ್ಲಾ ಮತ್ತು ನಗರ ಪಾಲಿಕೆ ಆರೋಗ್ಯಾಧಿಕಾರಿಗಳು ಜಾಣ ಕುರುಡು ಪ್ರದರ್ಶಿಸುತ್ತಿರುವುದು ಸಾರ್ವಜನಿಕರ ಆಕ್ರೋಶಕ್ಕೆ ಕಾರಣವಾಗಿದೆ. ಗ್ಯಾಸ್ಟ್ರಿಕ್, ಶುಗರ್, ಬಿಪಿ, ಪೈಲ್ಸ್ ಸೇರಿದಂತೆ ಹಲವೆಡೆ ಶಾಲೆ–ಕಾಲೇಜುಗಳ ಸಮೀಪದಲ್ಲೇ ಟೆಂಟ್ ಹಾಕಿಕೊಂಡಿರುವುದು ಆತಂಕ ಸೃಷ್ಟಿಸಿದೆ.

ಮೈಸೂರಿನ ಅಪೋಲೋ ಬಿಜಿಎಸ್ ಆಸ್ಪತ್ರೆಯಲ್ಲಿ ಮಿದುಳು ನಿಷ್ಕ್ರಿಯಗೊಂಡಿದ್ದ ಗೃಹಿಣಿ ಅಂಗಾಂಗ ದಾನ

ಮೈಸೂರು, ಮಾ.10–ಮೈಸೂರಿನ ಅಪೋಲೋ ಬಿಜಿಎಸ್ ಆಸ್ಪತ್ರೆಯಲ್ಲಿ ದಾಖಲಾಗಿದ್ದ ಗೃಹಿಣಿಯೋರ್ವರಿಗೆ ಮೆದುಳು ನಿಷ್ಕ್ರಿಯಗೊಂಡಿದ್ದು, ಅವರ ಅಂಗಾಂಗಗಳನ್ನು ದಾನ ಮಾಡಲಾಗಿದೆ ಎಂದು ಆಸ್ಪತ್ರೆಯ ಅಧೀಕ್ಷಕರು ತಿಳಿಸಿದ್ದಾರೆ.

Apollo
HOSPITALS

ಮೈಸೂರು, ಮಾ.10–ಮೈಸೂರಿನ ಅಪೋಲೋ ಬಿಜಿಎಸ್ ಆಸ್ಪತ್ರೆಯಲ್ಲಿ ದಾಖಲಾಗಿದ್ದ ಗೃಹಿಣಿಯೋರ್ವರಿಗೆ ಮೆದುಳು ನಿಷ್ಕ್ರಿಯಗೊಂಡಿದ್ದು, ಅವರ ಅಂಗಾಂಗಗಳನ್ನು ದಾನ ಮಾಡಲಾಗಿದೆ ಎಂದು ಆಸ್ಪತ್ರೆಯ ಅಧೀಕ್ಷಕರು ತಿಳಿಸಿದ್ದಾರೆ.

ಮೈಸೂರು, ಮಾ.10–ಮೈಸೂರಿನ ಅಪೋಲೋ ಬಿಜಿಎಸ್ ಆಸ್ಪತ್ರೆಯಲ್ಲಿ ದಾಖಲಾಗಿದ್ದ ಗೃಹಿಣಿಯೋರ್ವರಿಗೆ ಮೆದುಳು ನಿಷ್ಕ್ರಿಯಗೊಂಡಿದ್ದು, ಅವರ ಅಂಗಾಂಗಗಳನ್ನು ದಾನ ಮಾಡಲಾಗಿದೆ ಎಂದು ಆಸ್ಪತ್ರೆಯ ಅಧೀಕ್ಷಕರು ತಿಳಿಸಿದ್ದಾರೆ.
